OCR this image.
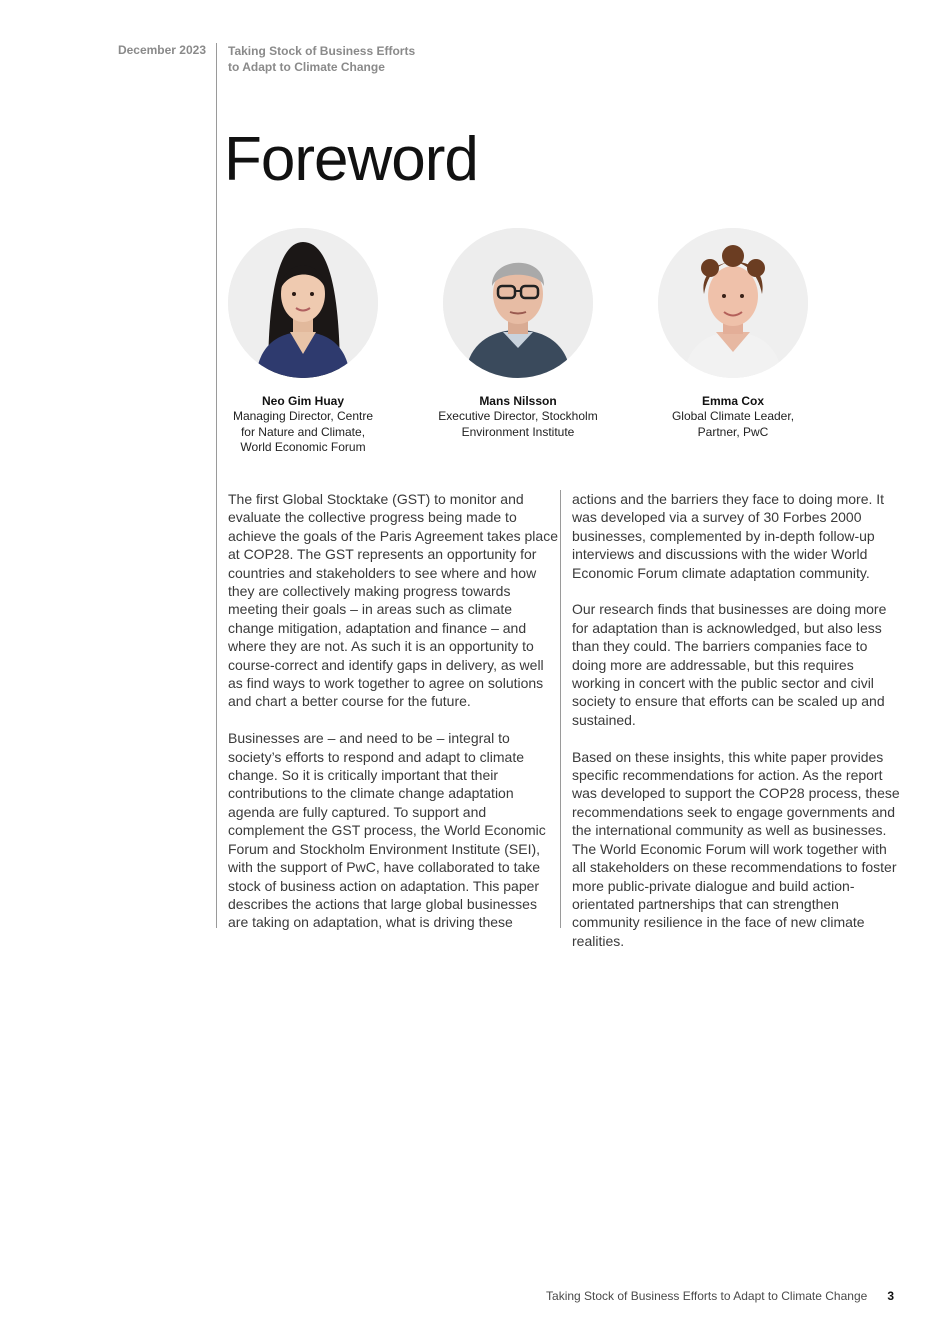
December 2023 Taking Stock of Business Efforts
to Adapt to Climate Change
Foreword
Neo Gim Huay
Managing Director, Centre
for Nature and Climate,
World Economic Forum
Mans Nilsson
Executive Director, Stockholm
Environment Institute
Emma Cox
Global Climate Leader,
Partner, PwC

The first Global Stocktake (GST) to monitor and evaluate the collective progress being made to achieve the goals of the Paris Agreement takes place at COP28. The GST represents an opportunity for countries and stakeholders to see where and how they are collectively making progress towards meeting their goals – in areas such as climate change mitigation, adaptation and finance – and where they are not. As such it is an opportunity to course-correct and identify gaps in delivery, as well as find ways to work together to agree on solutions and chart a better course for the future.

Businesses are – and need to be – integral to society’s efforts to respond and adapt to climate change. So it is critically important that their contributions to the climate change adaptation agenda are fully captured. To support and complement the GST process, the World Economic Forum and Stockholm Environment Institute (SEI), with the support of PwC, have collaborated to take stock of business action on adaptation. This paper describes the actions that large global businesses are taking on adaptation, what is driving these

actions and the barriers they face to doing more. It was developed via a survey of 30 Forbes 2000 businesses, complemented by in-depth follow-up interviews and discussions with the wider World Economic Forum climate adaptation community.

Our research finds that businesses are doing more for adaptation than is acknowledged, but also less than they could. The barriers companies face to doing more are addressable, but this requires working in concert with the public sector and civil society to ensure that efforts can be scaled up and sustained.

Based on these insights, this white paper provides specific recommendations for action. As the report was developed to support the COP28 process, these recommendations seek to engage governments and the international community as well as businesses. The World Economic Forum will work together with all stakeholders on these recommendations to foster more public-private dialogue and build action-orientated partnerships that can strengthen community resilience in the face of new climate realities.

Taking Stock of Business Efforts to Adapt to Climate Change 3
